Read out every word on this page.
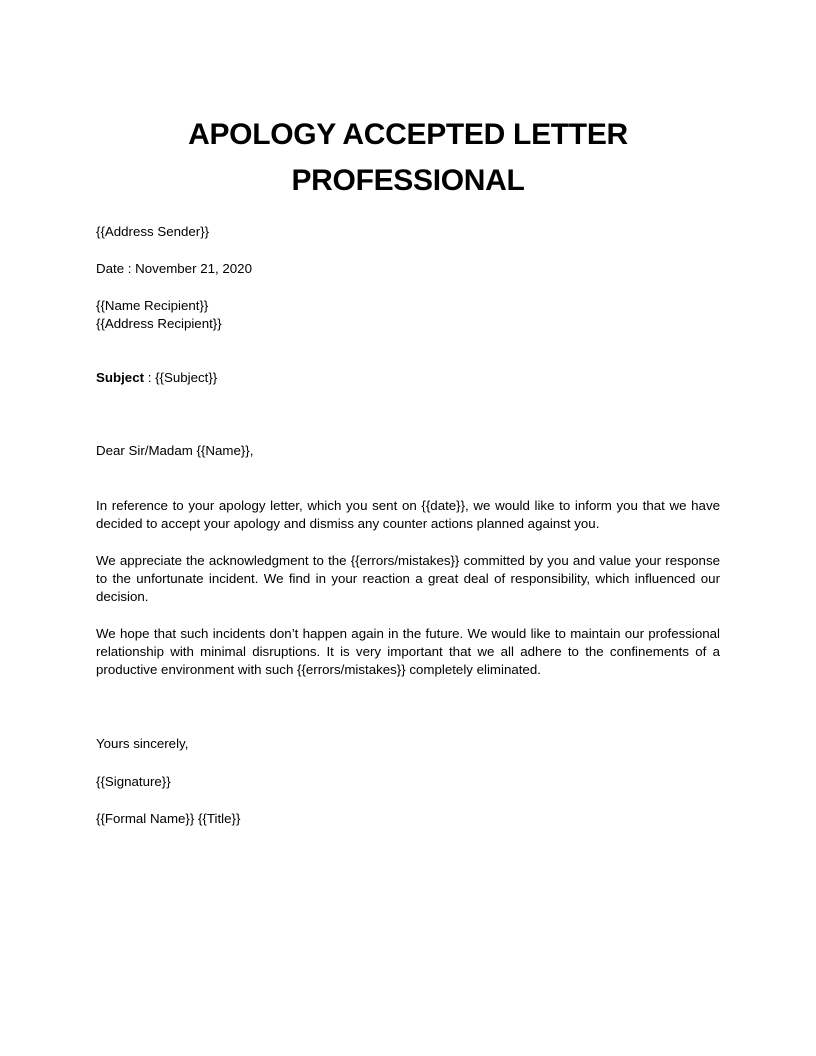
APOLOGY ACCEPTED LETTER
PROFESSIONAL

{{Address Sender}}

Date : November 21, 2020

{{Name Recipient}}

{{Address Recipient}}

Subject : {{Subject}}

Dear Sir/Madam {{Name}},

In reference to your apology letter, which you sent on {{date}}, we would like to inform you that we have decided to accept your apology and dismiss any counter actions planned against you.

We appreciate the acknowledgment to the {{errors/mistakes}} committed by you and value your response to the unfortunate incident. We find in your reaction a great deal of responsibility, which influenced our decision.

We hope that such incidents don’t happen again in the future. We would like to maintain our professional relationship with minimal disruptions. It is very important that we all adhere to the confinements of a productive environment with such {{errors/mistakes}} completely eliminated.

Yours sincerely,

{{Signature}}

{{Formal Name}} {{Title}}
